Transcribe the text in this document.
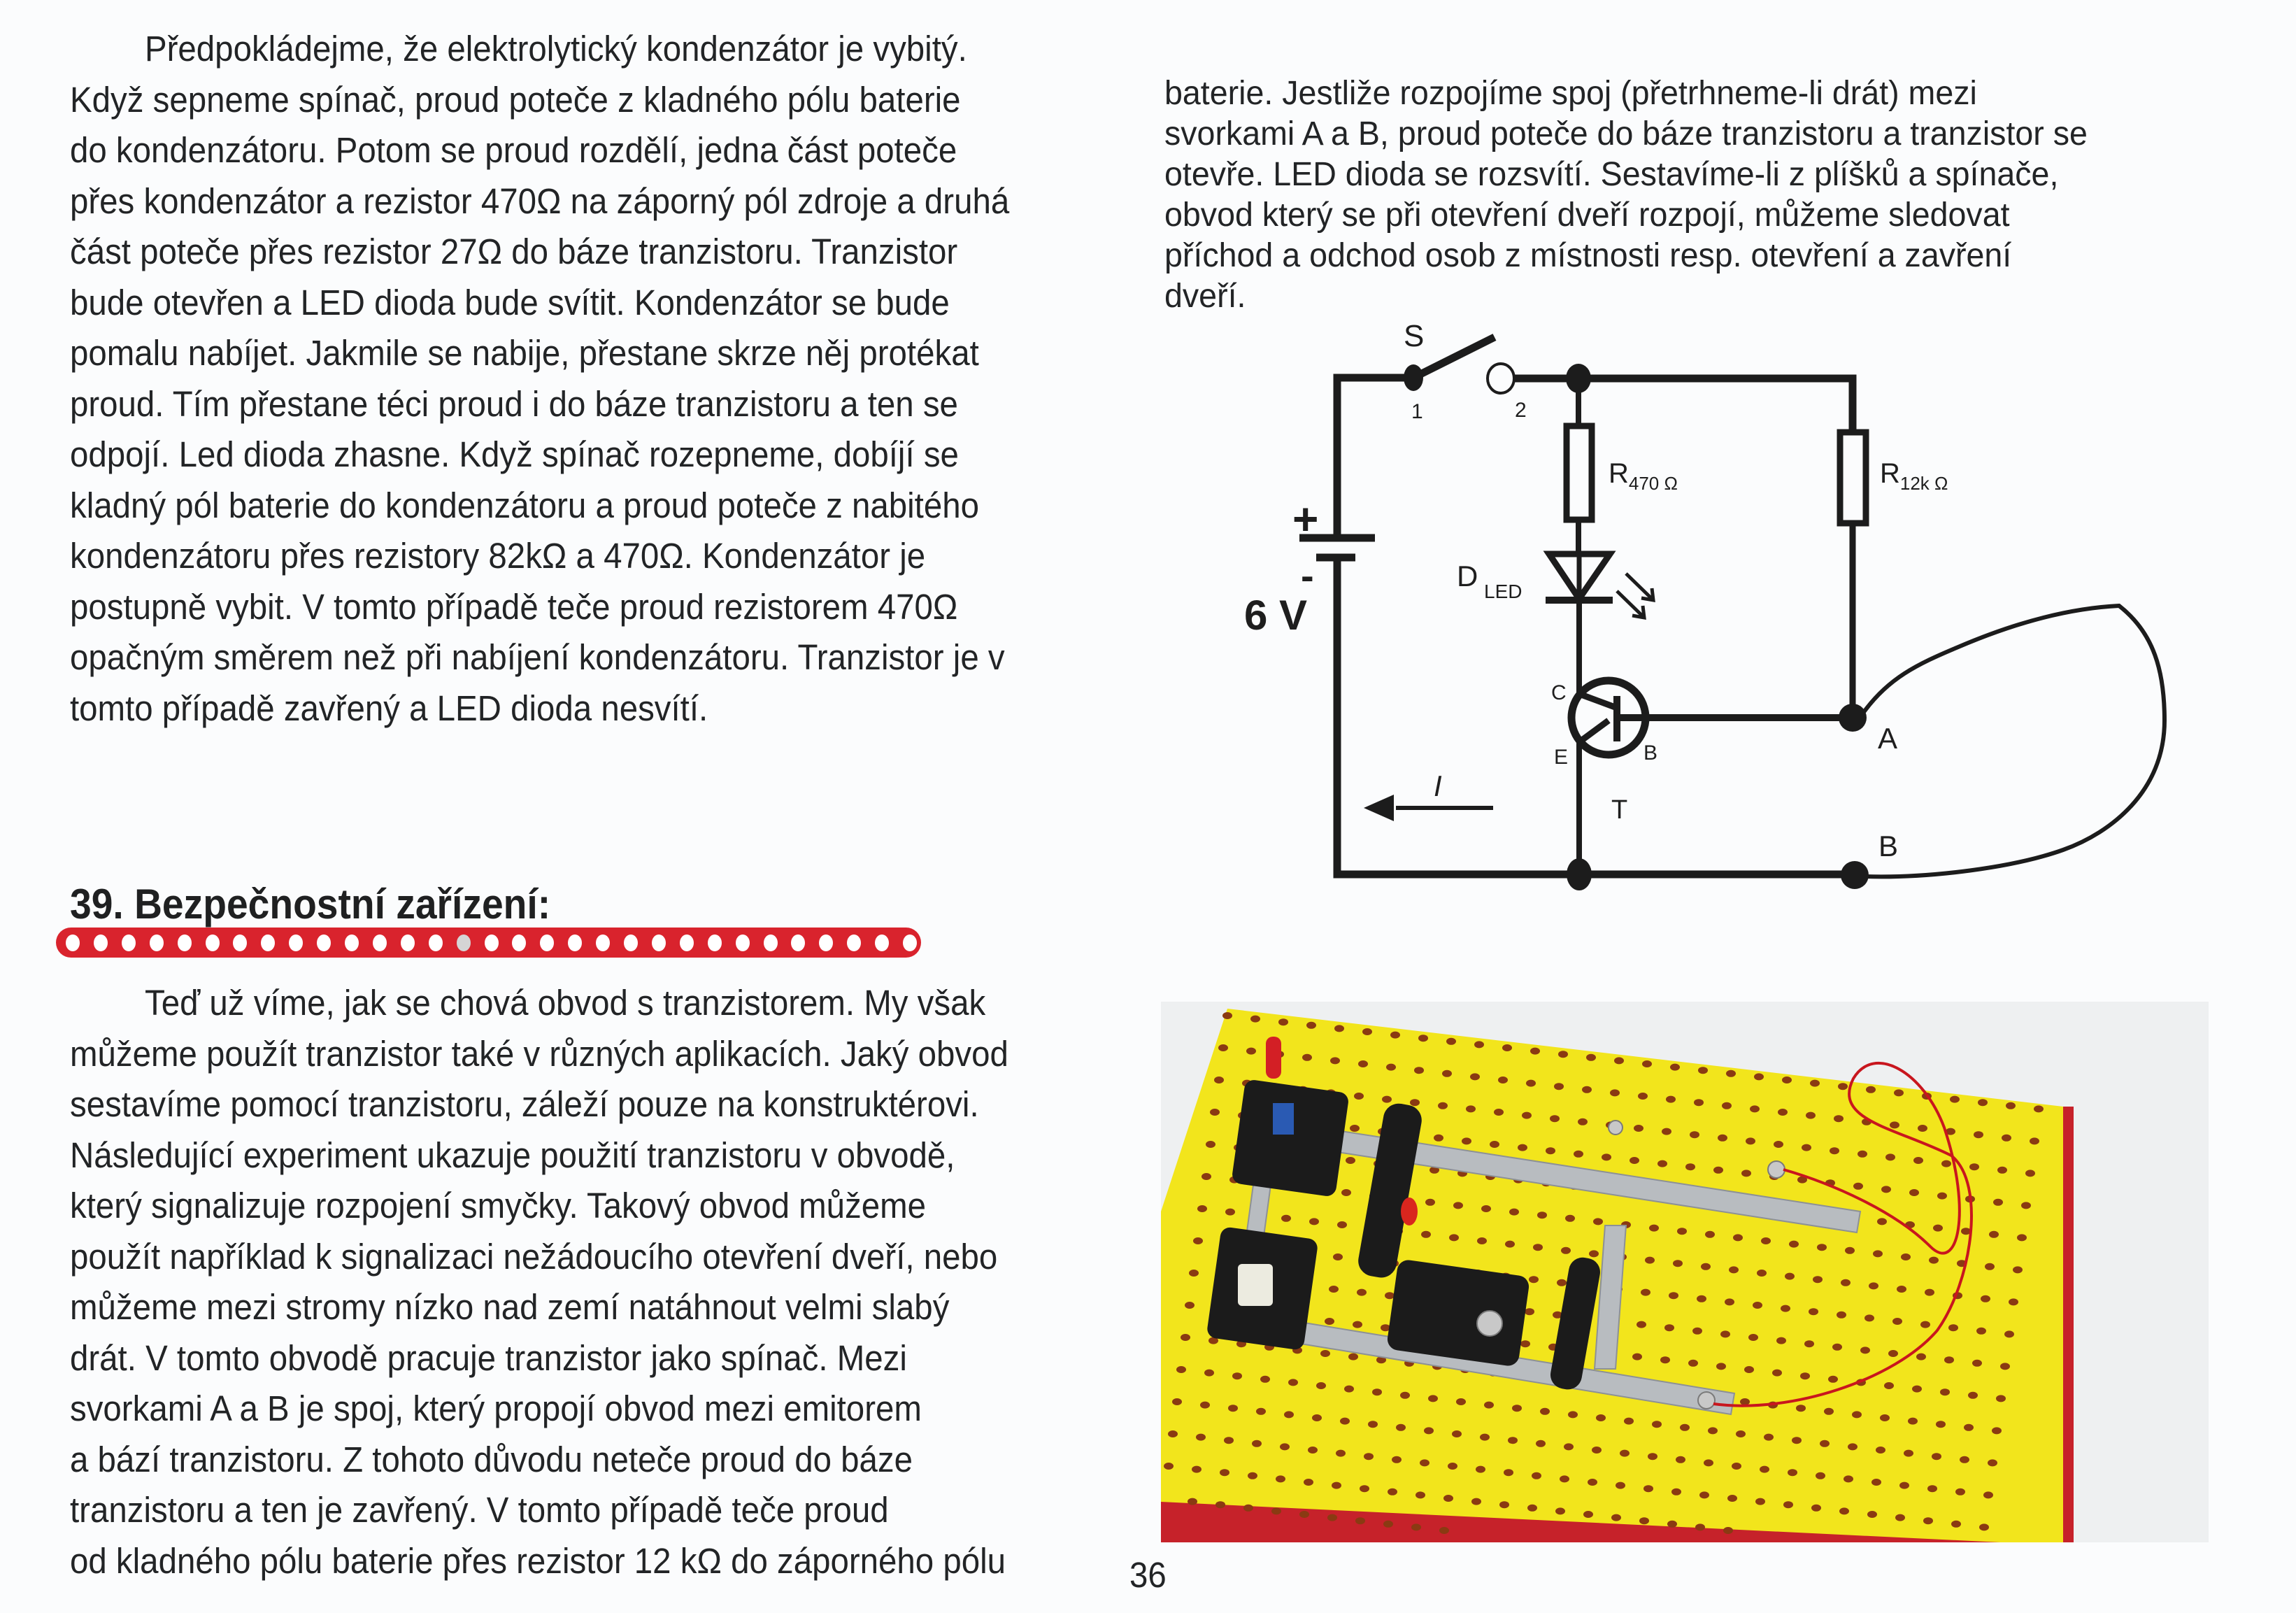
Předpokládejme, že elektrolytický kondenzátor je vybitý.
Když sepneme spínač, proud poteče z kladného pólu baterie
do kondenzátoru. Potom se proud rozdělí, jedna část poteče
přes kondenzátor a rezistor 470Ω na záporný pól zdroje a druhá
část poteče přes rezistor 27Ω do báze tranzistoru. Tranzistor
bude otevřen a LED dioda bude svítit. Kondenzátor se bude
pomalu nabíjet. Jakmile se nabije, přestane skrze něj protékat
proud. Tím přestane téci proud i do báze tranzistoru a ten se
odpojí. Led dioda zhasne. Když spínač rozepneme, dobíjí se
kladný pól baterie do kondenzátoru a proud poteče z nabitého
kondenzátoru přes rezistory 82kΩ a 470Ω. Kondenzátor je
postupně vybit. V tomto případě teče proud rezistorem 470Ω
opačným směrem než při nabíjení kondenzátoru. Tranzistor je v
tomto případě zavřený a LED dioda nesvítí.
39. Bezpečnostní zařízení:
Teď už víme, jak se chová obvod s tranzistorem. My však
můžeme použít tranzistor také v různých aplikacích. Jaký obvod
sestavíme pomocí tranzistoru, záleží pouze na konstruktérovi.
Následující experiment ukazuje použití tranzistoru v obvodě,
který signalizuje rozpojení smyčky. Takový obvod můžeme
použít například k signalizaci nežádoucího otevření dveří, nebo
můžeme mezi stromy nízko nad zemí natáhnout velmi slabý
drát. V tomto obvodě pracuje tranzistor jako spínač. Mezi
svorkami A a B je spoj, který propojí obvod mezi emitorem
a bází tranzistoru. Z tohoto důvodu neteče proud do báze
tranzistoru a ten je zavřený. V tomto případě teče proud
od kladného pólu baterie přes rezistor 12 kΩ do záporného pólu	36
baterie. Jestliže rozpojíme spoj (přetrhneme-li drát) mezi
svorkami A a B, proud poteče do báze tranzistoru a tranzistor se
otevře. LED dioda se rozsvítí. Sestavíme-li z plíšků a spínače,
obvod který se při otevření dveří rozpojí, můžeme sledovat
příchod a odchod osob z místnosti resp. otevření a zavření
dveří.
S
1	2
+
-
6 V
$R_{470 \Omega}$	$R_{12k \Omega}$
D LED
C
E	B
T
I
A
B
